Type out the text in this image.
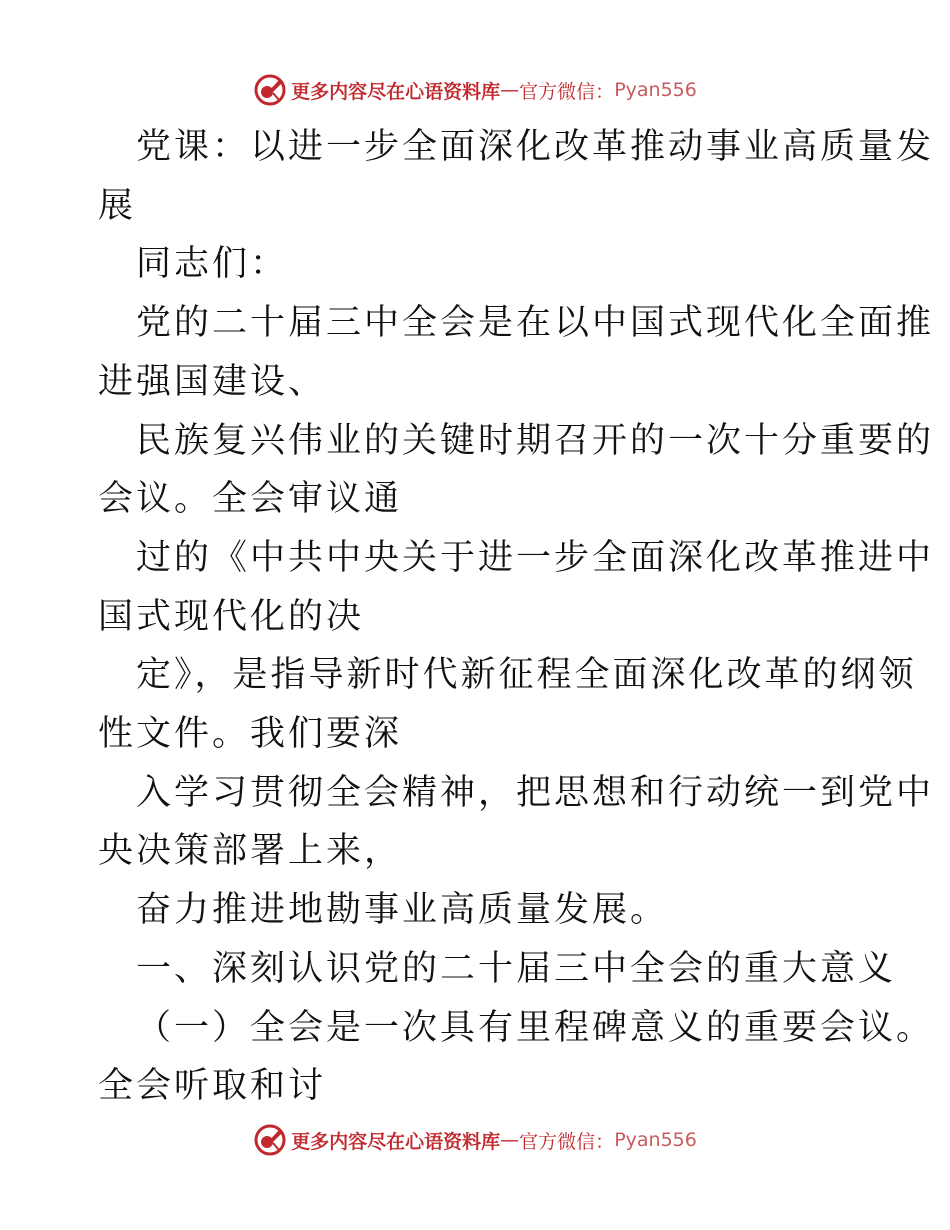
更多内容尽在心语资料库 — 官方微信： Pyan556

党课：以进一步全面深化改革推动事业高质量发

展

同志们：

党的二十届三中全会是在以中国式现代化全面推

进强国建设、

民族复兴伟业的关键时期召开的一次十分重要的

会议。全会审议通

过的《中共中央关于进一步全面深化改革推进中

国式现代化的决

定》，是指导新时代新征程全面深化改革的纲领

性文件。我们要深

入学习贯彻全会精神，把思想和行动统一到党中

央决策部署上来，

奋力推进地勘事业高质量发展。

一、深刻认识党的二十届三中全会的重大意义

（一）全会是一次具有里程碑意义的重要会议。

全会听取和讨

更多内容尽在心语资料库 — 官方微信： Pyan556
